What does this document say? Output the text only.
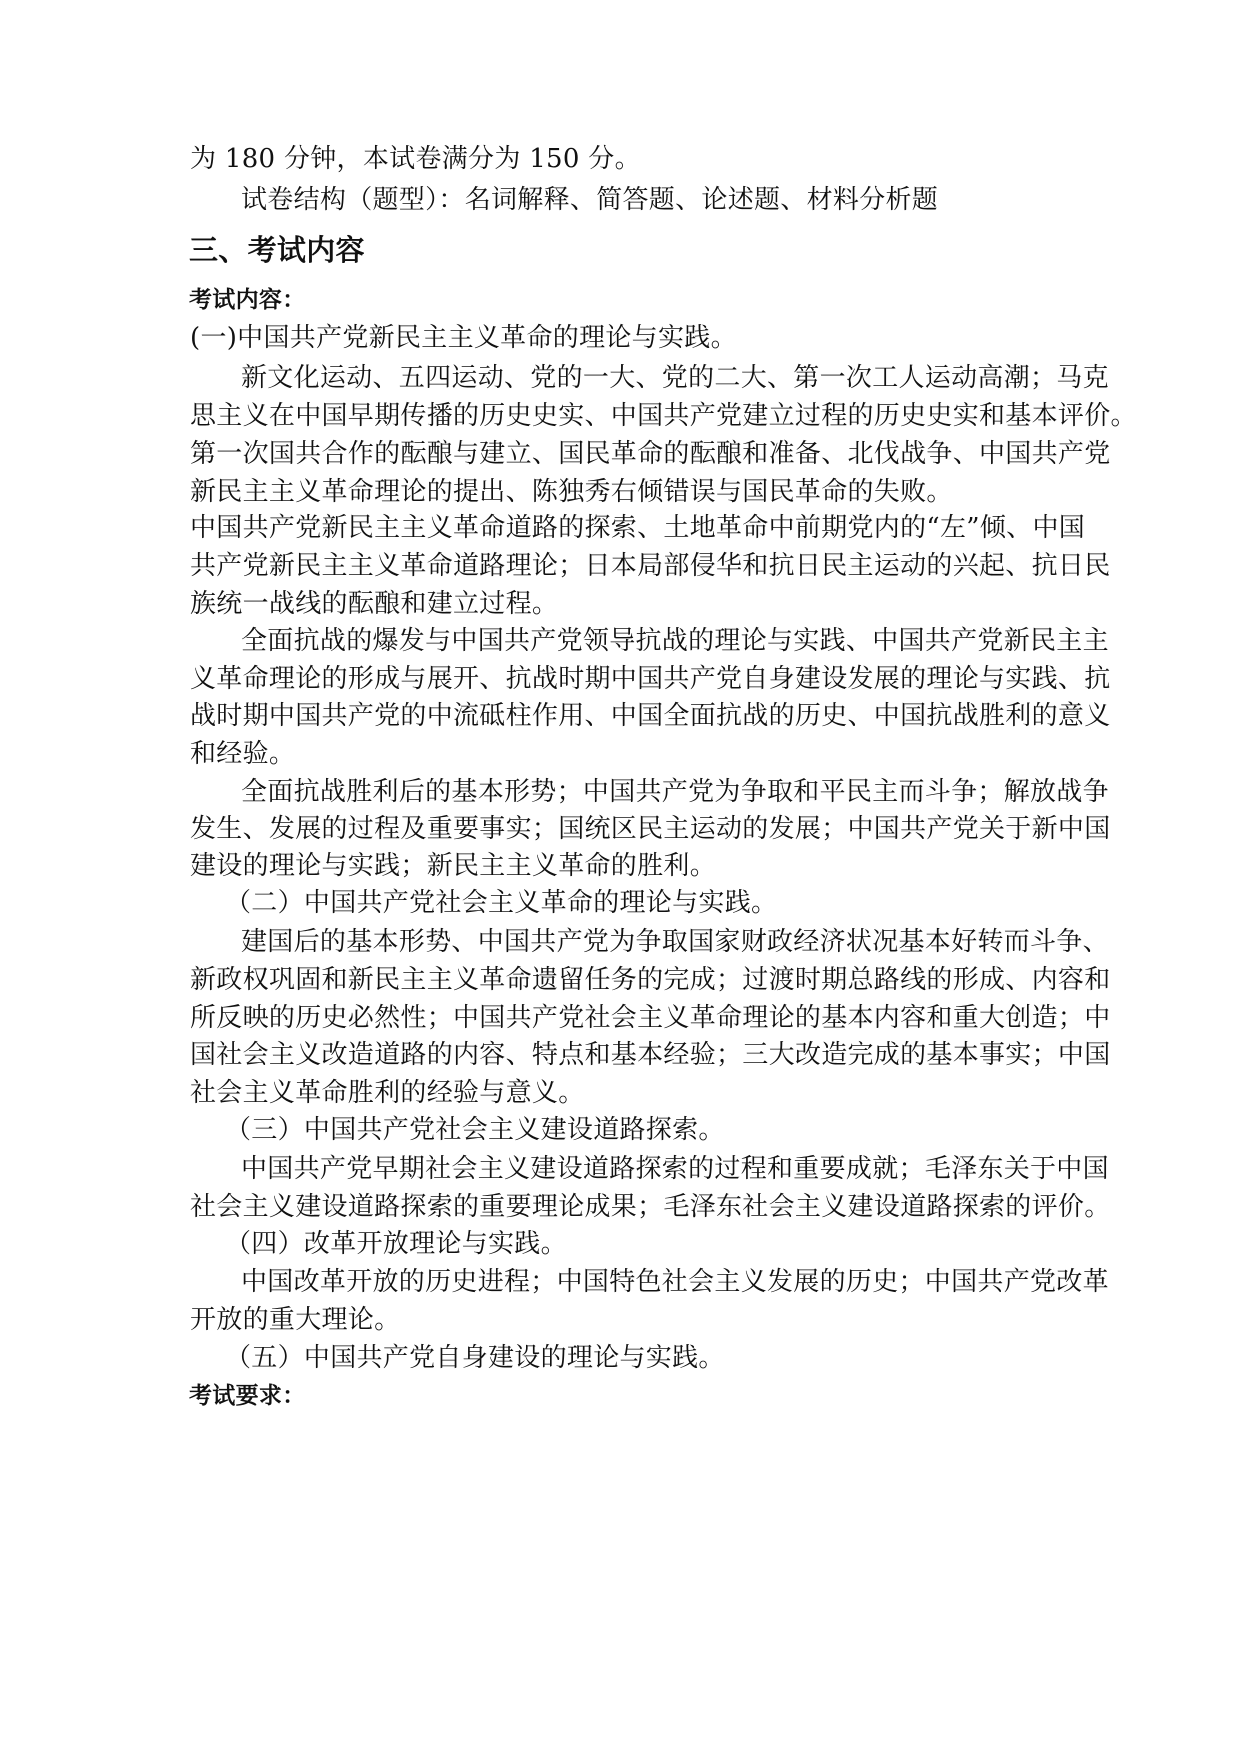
为 180 分钟，本试卷满分为 150 分。
试卷结构（题型）：名词解释、简答题、论述题、材料分析题
三、考试内容
考试内容：
(一)中国共产党新民主主义革命的理论与实践。
新文化运动、五四运动、党的一大、党的二大、第一次工人运动高潮；马克
思主义在中国早期传播的历史史实、中国共产党建立过程的历史史实和基本评价。
第一次国共合作的酝酿与建立、国民革命的酝酿和准备、北伐战争、中国共产党
新民主主义革命理论的提出、陈独秀右倾错误与国民革命的失败。
中国共产党新民主主义革命道路的探索、土地革命中前期党内的“左”倾、中国
共产党新民主主义革命道路理论；日本局部侵华和抗日民主运动的兴起、抗日民
族统一战线的酝酿和建立过程。
全面抗战的爆发与中国共产党领导抗战的理论与实践、中国共产党新民主主
义革命理论的形成与展开、抗战时期中国共产党自身建设发展的理论与实践、抗
战时期中国共产党的中流砥柱作用、中国全面抗战的历史、中国抗战胜利的意义
和经验。
全面抗战胜利后的基本形势；中国共产党为争取和平民主而斗争；解放战争
发生、发展的过程及重要事实；国统区民主运动的发展；中国共产党关于新中国
建设的理论与实践；新民主主义革命的胜利。
（二）中国共产党社会主义革命的理论与实践。
建国后的基本形势、中国共产党为争取国家财政经济状况基本好转而斗争、
新政权巩固和新民主主义革命遗留任务的完成；过渡时期总路线的形成、内容和
所反映的历史必然性；中国共产党社会主义革命理论的基本内容和重大创造；中
国社会主义改造道路的内容、特点和基本经验；三大改造完成的基本事实；中国
社会主义革命胜利的经验与意义。
（三）中国共产党社会主义建设道路探索。
中国共产党早期社会主义建设道路探索的过程和重要成就；毛泽东关于中国
社会主义建设道路探索的重要理论成果；毛泽东社会主义建设道路探索的评价。
（四）改革开放理论与实践。
中国改革开放的历史进程；中国特色社会主义发展的历史；中国共产党改革
开放的重大理论。
（五）中国共产党自身建设的理论与实践。
考试要求：
